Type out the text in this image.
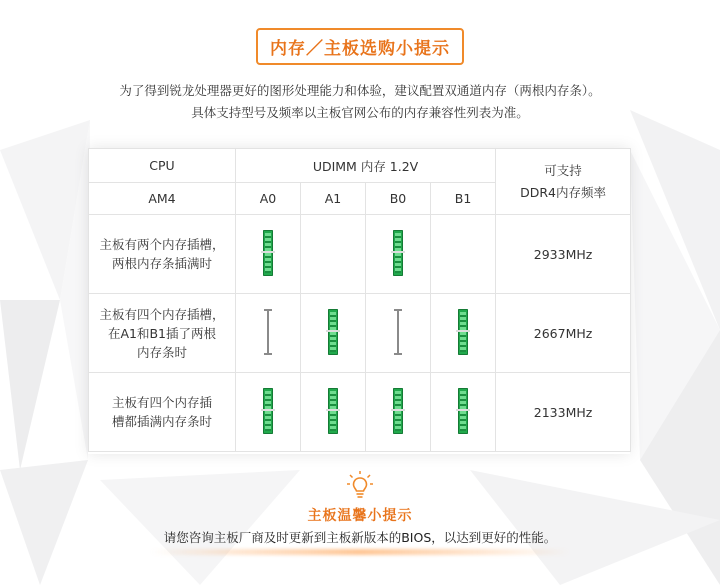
内存／主板选购小提示
为了得到锐龙处理器更好的图形处理能力和体验，建议配置双通道内存（两根内存条）。
具体支持型号及频率以主板官网公布的内存兼容性列表为准。
CPU	UDIMM 内存 1.2V				可支持
DDR4内存频率

AM4	A0	A1	B0	B1	

主板有两个内存插槽，
两根内存条插满时					2933MHz

主板有四个内存插槽，
在A1和B1插了两根
内存条时					2667MHz

主板有四个内存插
槽都插满内存条时					2133MHz
主板温馨小提示
请您咨询主板厂商及时更新到主板新版本的BIOS，以达到更好的性能。
